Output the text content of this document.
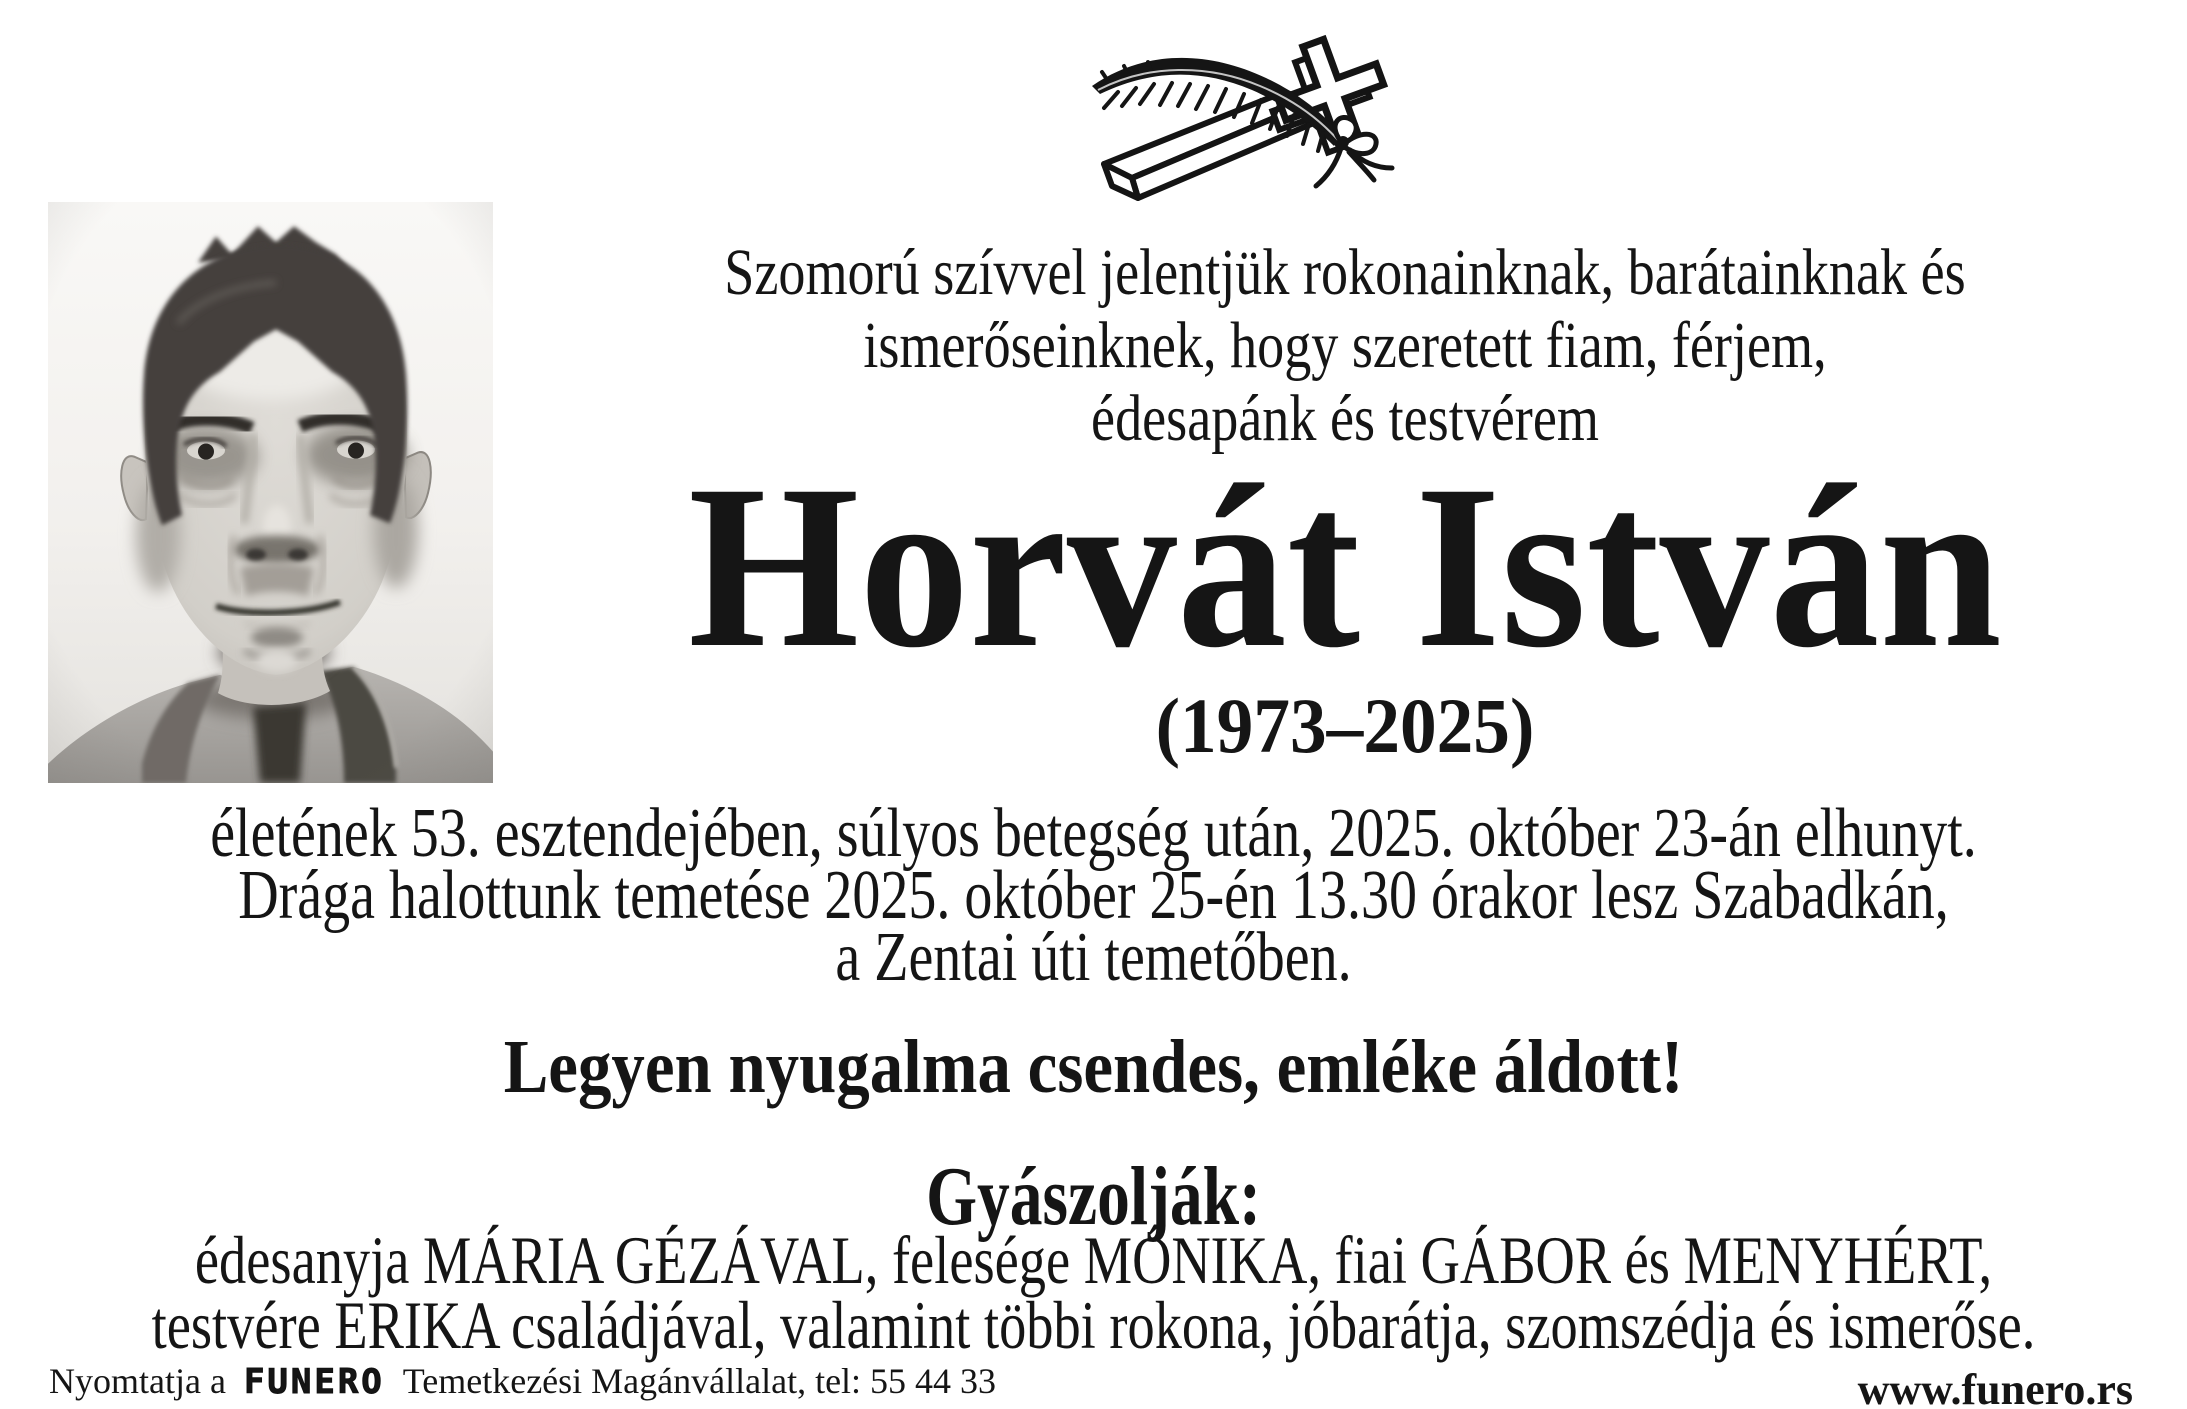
Szomorú szívvel jelentjük rokonainknak, barátainknak és
ismerőseinknek, hogy szeretett fiam, férjem,
édesapánk és testvérem
Horvát István
(1973–2025)
életének 53. esztendejében, súlyos betegség után, 2025. október 23-án elhunyt.
Drága halottunk temetése 2025. október 25-én 13.30 órakor lesz Szabadkán,
a Zentai úti temetőben.
Legyen nyugalma csendes, emléke áldott!
Gyászolják:
édesanyja MÁRIA GÉZÁVAL, felesége MÓNIKA, fiai GÁBOR és MENYHÉRT,
testvére ERIKA családjával, valamint többi rokona, jóbarátja, szomszédja és ismerőse.
Nyomtatja a FUNERO Temetkezési Magánvállalat, tel: 55 44 33	www.funero.rs
